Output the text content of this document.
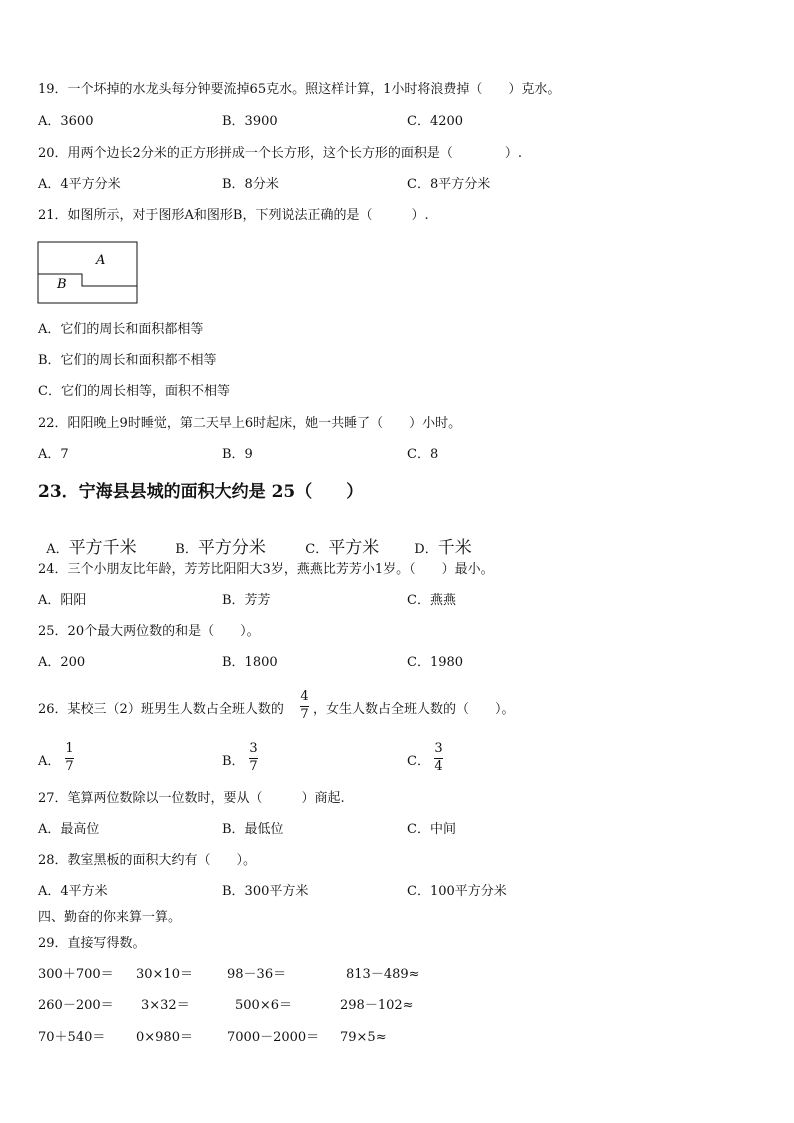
19．一个坏掉的水龙头每分钟要流掉65克水。照这样计算，1小时将浪费掉（　　）克水。
A．3600	B．3900	C．4200
20．用两个边长2分米的正方形拼成一个长方形，这个长方形的面积是（　　　　）.
A．4平方分米	B．8分米	C．8平方分米
21．如图所示，对于图形A和图形B，下列说法正确的是（　　　）.
A
B
A．它们的周长和面积都相等
B．它们的周长和面积都不相等
C．它们的周长相等，面积不相等
22．阳阳晚上9时睡觉，第二天早上6时起床，她一共睡了（　　）小时。
A．7	B．9	C．8
23．宁海县县城的面积大约是 25（　　）

A．平方千米	B．平方分米	C．平方米	D．千米

24．三个小朋友比年龄，芳芳比阳阳大3岁，燕燕比芳芳小1岁。（　　）最小。
A．阳阳	B．芳芳	C．燕燕
25．20个最大两位数的和是（　　）。
A．200	B．1800	C．1980
26．某校三（2）班男生人数占全班人数的
4
7 ，女生人数占全班人数的（　　）。
A．
1
7	B．
3
7	C．
3
4
27．笔算两位数除以一位数时，要从（　　　）商起.
A．最高位	B．最低位	C．中间
28．教室黑板的面积大约有（　　）。
A．4平方米	B．300平方米	C．100平方分米
四、勤奋的你来算一算。
29．直接写得数。
300＋700＝ 30×10＝	98－36＝	813－489≈
260－200＝ 3×32＝	500×6＝	298－102≈
70＋540＝ 0×980＝	7000－2000＝ 79×5≈
